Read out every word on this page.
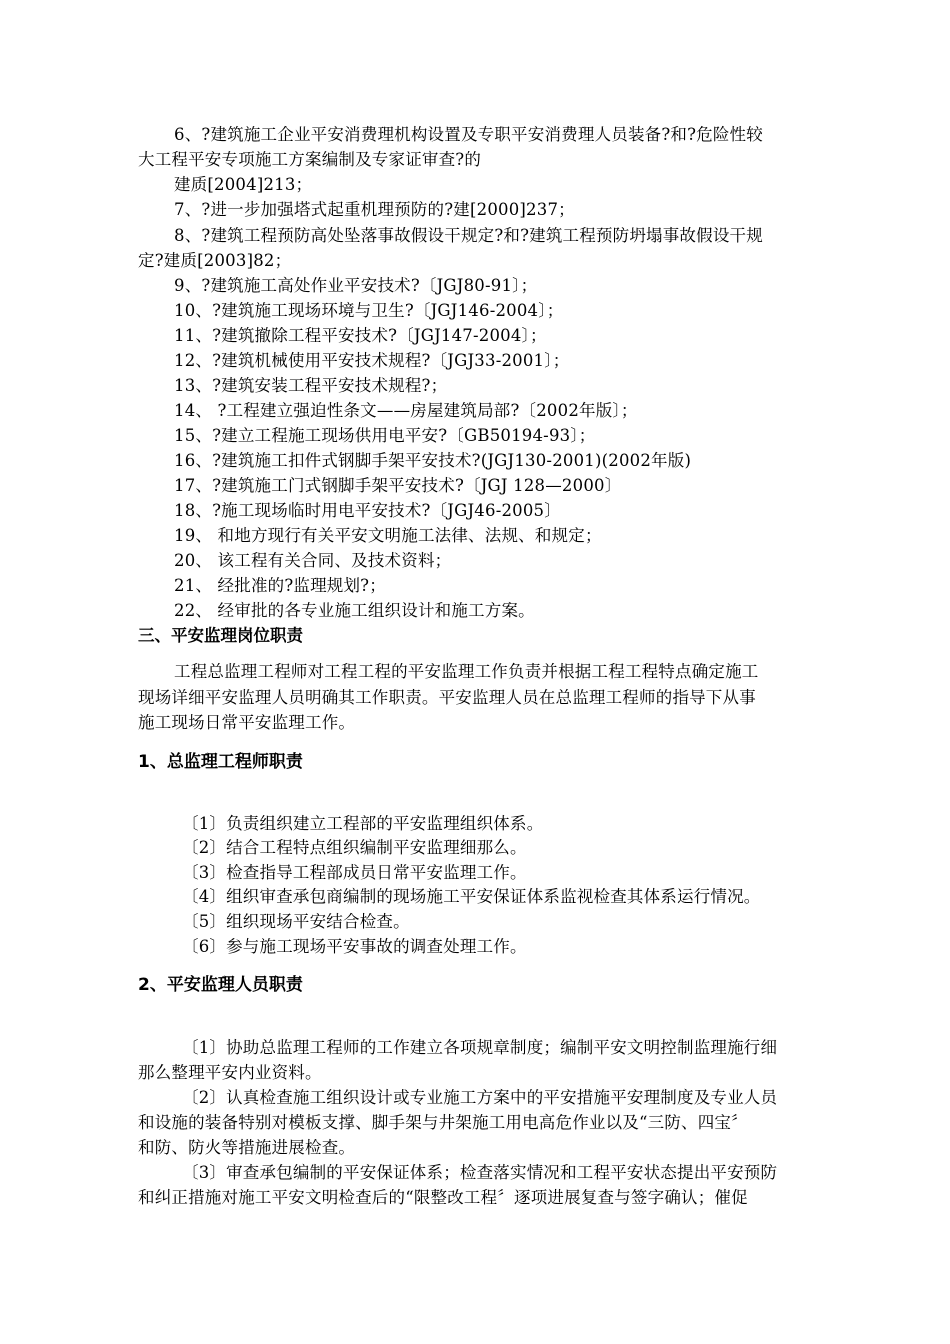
6、?建筑施工企业平安消费理机构设置及专职平安消费理人员装备?和?危险性较
大工程平安专项施工方案编制及专家证审查?的
建质[2004]213；
7、?进一步加强塔式起重机理预防的?建[2000]237；
8、?建筑工程预防高处坠落事故假设干规定?和?建筑工程预防坍塌事故假设干规
定?建质[2003]82；
9、?建筑施工高处作业平安技术?〔JGJ80-91〕；
10、?建筑施工现场环境与卫生?〔JGJ146-2004〕；
11、?建筑撤除工程平安技术?〔JGJ147-2004〕；
12、?建筑机械使用平安技术规程?〔JGJ33-2001〕；
13、?建筑安装工程平安技术规程?；
14、 ?工程建立强迫性条文——房屋建筑局部?〔2002年版〕；
15、?建立工程施工现场供用电平安?〔GB50194-93〕；
16、?建筑施工扣件式钢脚手架平安技术?(JGJ130-2001)(2002年版)
17、?建筑施工门式钢脚手架平安技术?〔JGJ 128—2000〕
18、?施工现场临时用电平安技术?〔JGJ46-2005〕
19、 和地方现行有关平安文明施工法律、法规、和规定；
20、 该工程有关合同、及技术资料；
21、 经批准的?监理规划?；
22、 经审批的各专业施工组织设计和施工方案。
三、平安监理岗位职责
工程总监理工程师对工程工程的平安监理工作负责并根据工程工程特点确定施工
现场详细平安监理人员明确其工作职责。平安监理人员在总监理工程师的指导下从事
施工现场日常平安监理工作。
1、总监理工程师职责
〔1〕负责组织建立工程部的平安监理组织体系。
〔2〕结合工程特点组织编制平安监理细那么。
〔3〕检查指导工程部成员日常平安监理工作。
〔4〕组织审查承包商编制的现场施工平安保证体系监视检查其体系运行情况。
〔5〕组织现场平安结合检查。
〔6〕参与施工现场平安事故的调查处理工作。
2、平安监理人员职责
〔1〕协助总监理工程师的工作建立各项规章制度；编制平安文明控制监理施行细
那么整理平安内业资料。
〔2〕认真检查施工组织设计或专业施工方案中的平安措施平安理制度及专业人员
和设施的装备特别对模板支撑、脚手架与井架施工用电高危作业以及“三防、四宝〞
和防、防火等措施进展检查。
〔3〕审查承包编制的平安保证体系；检查落实情况和工程平安状态提出平安预防
和纠正措施对施工平安文明检查后的“限整改工程〞逐项进展复查与签字确认；催促
